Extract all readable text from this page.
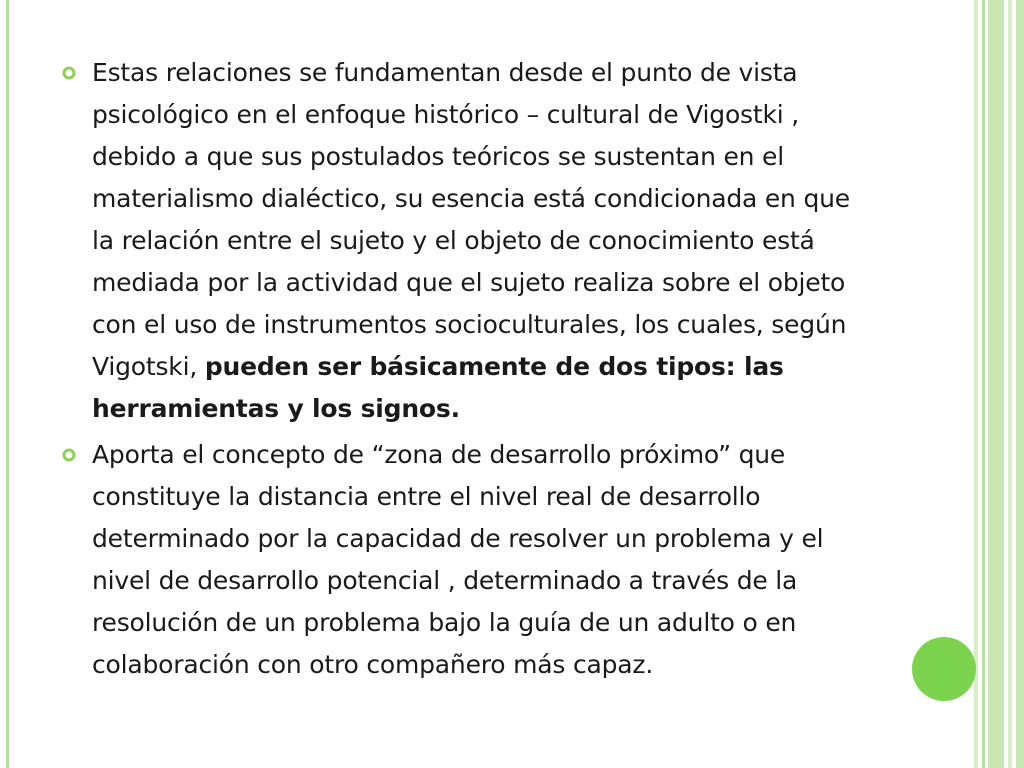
Estas relaciones se fundamentan desde el punto de vista psicológico en el enfoque histórico – cultural de Vigostki , debido a que sus postulados teóricos se sustentan en el materialismo dialéctico, su esencia está condicionada en que la relación entre el sujeto y el objeto de conocimiento está mediada por la actividad que el sujeto realiza sobre el objeto con el uso de instrumentos socioculturales, los cuales, según Vigotski, pueden ser básicamente de dos tipos: las herramientas y los signos.
Aporta el concepto de “zona de desarrollo próximo” que constituye la distancia entre el nivel real de desarrollo determinado por la capacidad de resolver un problema y el nivel de desarrollo potencial , determinado a través de la resolución de un problema bajo la guía de un adulto o en colaboración con otro compañero más capaz.
